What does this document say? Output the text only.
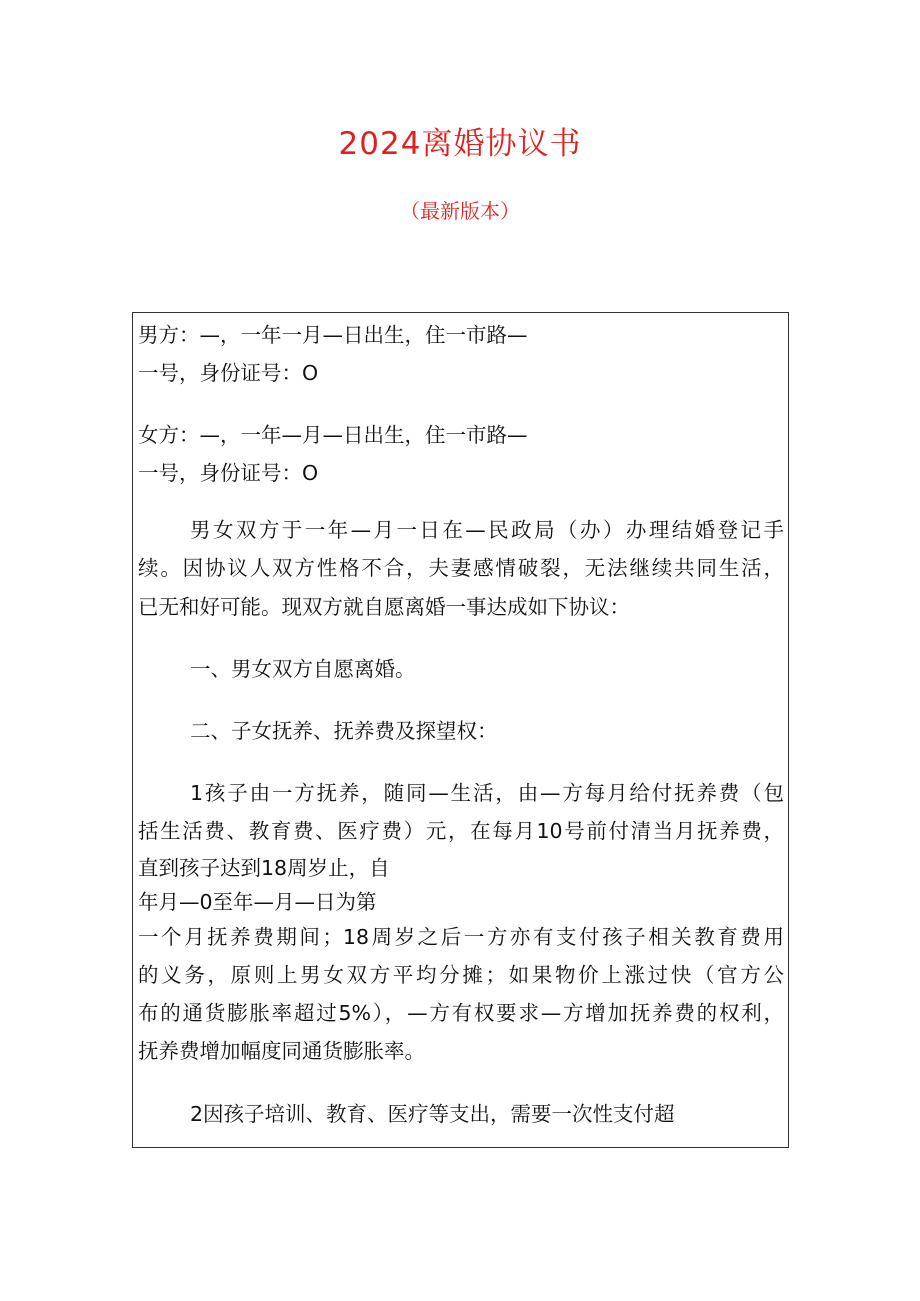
2024离婚协议书
（最新版本）
男方：—，一年一月—日出生，住一市路—
一号，身份证号：O
女方：—，一年—月—日出生，住一市路—
一号，身份证号：O
男女双方于一年—月一日在—民政局（办）办理结婚登记手
续。因协议人双方性格不合，夫妻感情破裂，无法继续共同生活，
已无和好可能。现双方就自愿离婚一事达成如下协议：
一、男女双方自愿离婚。
二、子女抚养、抚养费及探望权：
1孩子由一方抚养，随同—生活，由—方每月给付抚养费（包
括生活费、教育费、医疗费）元，在每月10号前付清当月抚养费，
直到孩子达到18周岁止，自
年月—0至年—月—日为第
一个月抚养费期间；18周岁之后一方亦有支付孩子相关教育费用
的义务，原则上男女双方平均分摊；如果物价上涨过快（官方公
布的通货膨胀率超过5%），—方有权要求—方增加抚养费的权利，
抚养费增加幅度同通货膨胀率。
2因孩子培训、教育、医疗等支出，需要一次性支付超
